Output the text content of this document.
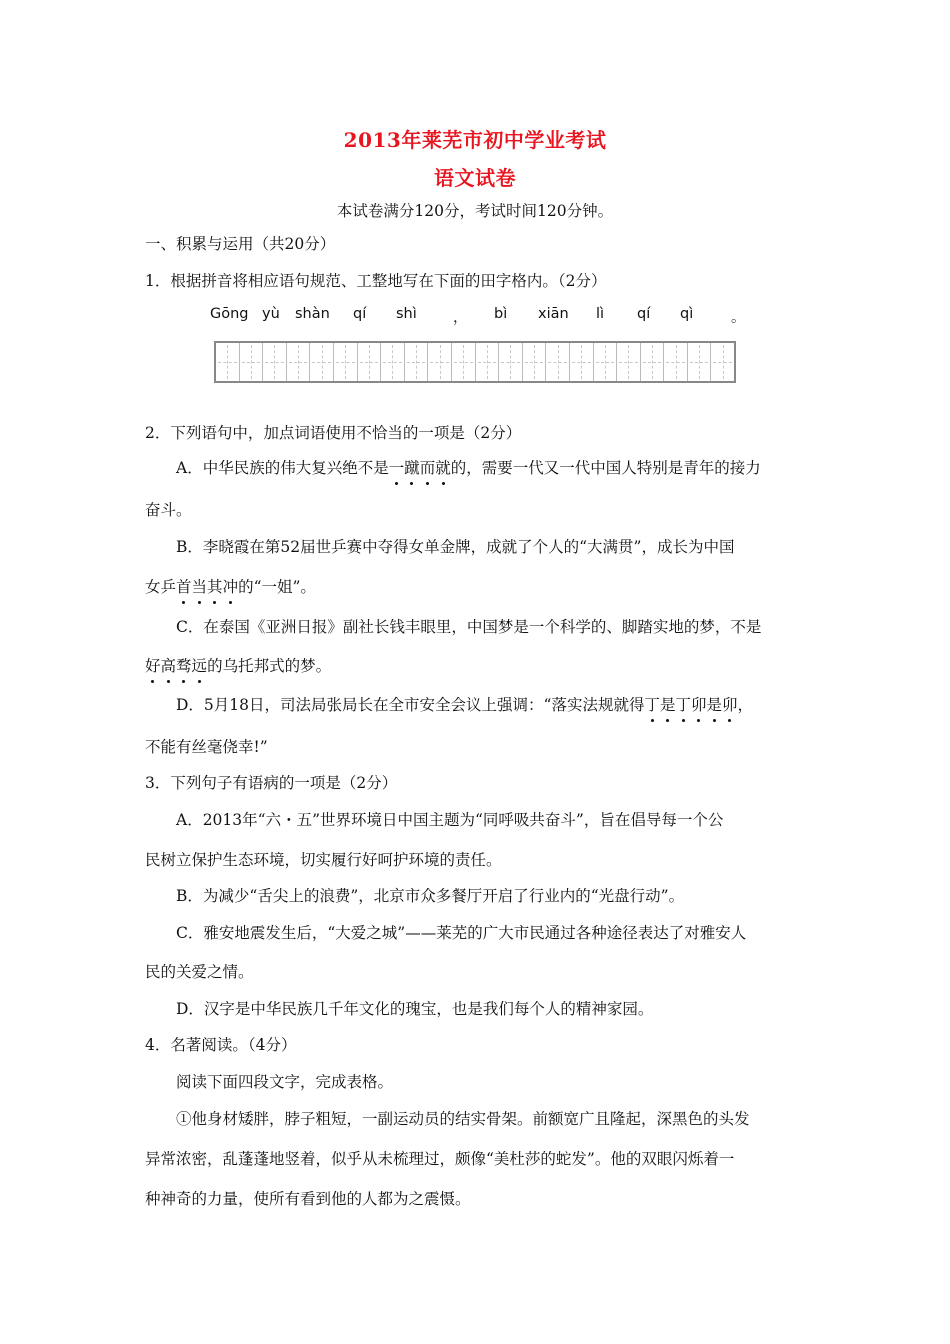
2013年莱芜市初中学业考试
语文试卷
本试卷满分120分，考试时间120分钟。
一、积累与运用（共20分）
1．根据拼音将相应语句规范、工整地写在下面的田字格内。（2分）
Gōng yù shàn qí shì ， bì xiān lì qí qì	。
2．下列语句中，加点词语使用不恰当的一项是（2分）
A．中华民族的伟大复兴绝不是一蹴而就的，需要一代又一代中国人特别是青年的接力
奋斗。
B．李晓霞在第52届世乒赛中夺得女单金牌，成就了个人的“大满贯”，成长为中国
女乒首当其冲的“一姐”。
C．在泰国《亚洲日报》副社长钱丰眼里，中国梦是一个科学的、脚踏实地的梦，不是
好高骛远的乌托邦式的梦。
D．5月18日，司法局张局长在全市安全会议上强调：“落实法规就得丁是丁卯是卯，
不能有丝毫侥幸!”
3．下列句子有语病的一项是（2分）
A．2013年“六・五”世界环境日中国主题为“同呼吸共奋斗”，旨在倡导每一个公
民树立保护生态环境，切实履行好呵护环境的责任。
B．为减少“舌尖上的浪费”，北京市众多餐厅开启了行业内的“光盘行动”。
C．雅安地震发生后，“大爱之城”——莱芜的广大市民通过各种途径表达了对雅安人
民的关爱之情。
D．汉字是中华民族几千年文化的瑰宝，也是我们每个人的精神家园。
4．名著阅读。（4分）
阅读下面四段文字，完成表格。
①他身材矮胖，脖子粗短，一副运动员的结实骨架。前额宽广且隆起，深黑色的头发
异常浓密，乱蓬蓬地竖着，似乎从未梳理过，颇像“美杜莎的蛇发”。他的双眼闪烁着一
种神奇的力量，使所有看到他的人都为之震慑。
